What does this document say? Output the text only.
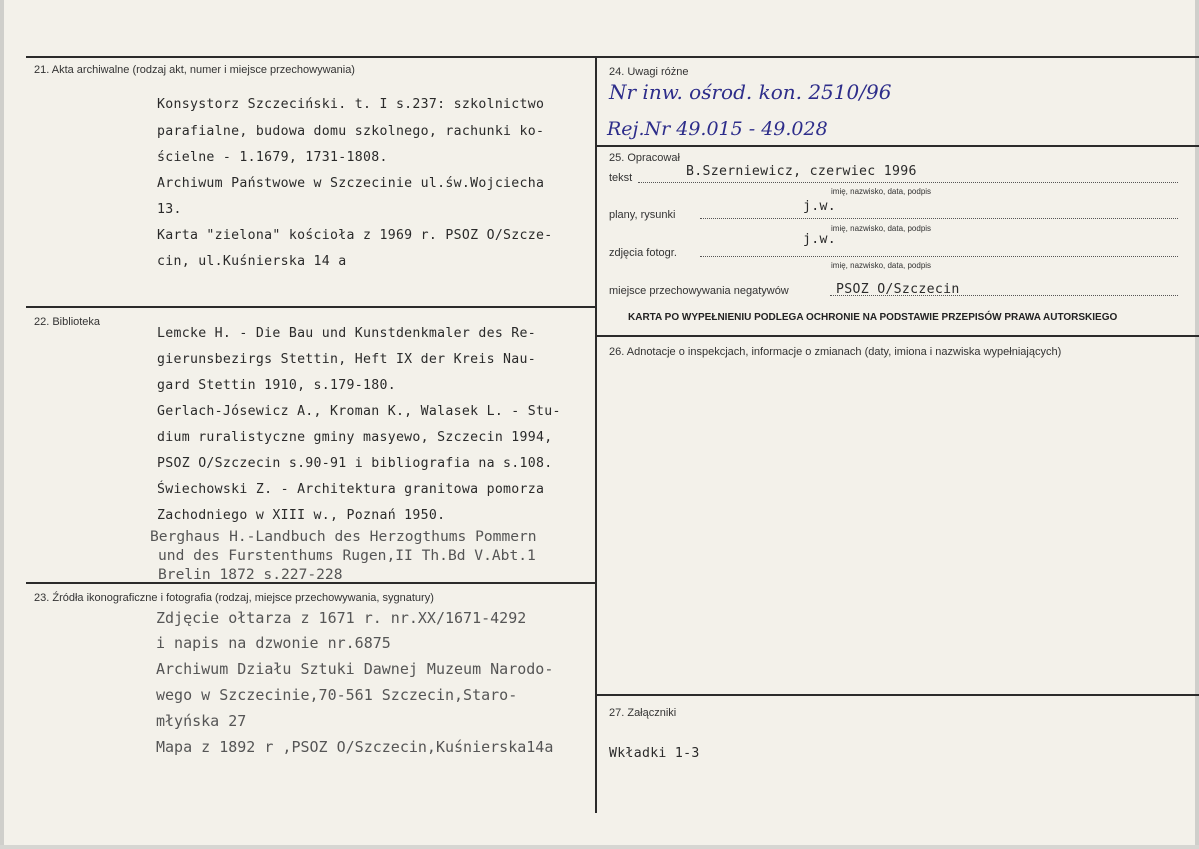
21. Akta archiwalne (rodzaj akt, numer i miejsce przechowywania)
Konsystorz Szczeciński. t. I s.237: szkolnictwo
parafialne, budowa domu szkolnego, rachunki ko-
ścielne - 1.1679, 1731-1808.
Archiwum Państwowe w Szczecinie ul.św.Wojciecha
13.
Karta "zielona" kościoła z 1969 r. PSOZ O/Szcze-
cin, ul.Kuśnierska 14 a
22. Biblioteka
Lemcke H. - Die Bau und Kunstdenkmaler des Re-
gierunsbezirgs Stettin, Heft IX der Kreis Nau-
gard Stettin 1910, s.179-180.
Gerlach-Jósewicz A., Kroman K., Walasek L. - Stu-
dium ruralistyczne gminy masyewo, Szczecin 1994,
PSOZ O/Szczecin s.90-91 i bibliografia na s.108.
Świechowski Z. - Architektura granitowa pomorza
Zachodniego w XIII w., Poznań 1950.
Berghaus H.-Landbuch des Herzogthums Pommern
und des Furstenthums Rugen,II Th.Bd V.Abt.1
Brelin 1872 s.227-228
23. Źródła ikonograficzne i fotografia (rodzaj, miejsce przechowywania, sygnatury)
Zdjęcie ołtarza z 1671 r. nr.XX/1671-4292
i napis na dzwonie nr.6875
Archiwum Działu Sztuki Dawnej Muzeum Narodo-
wego w Szczecinie,70-561 Szczecin,Staro-
młyńska 27
Mapa z 1892 r ,PSOZ O/Szczecin,Kuśnierska14a
24. Uwagi różne
Nr inw. ośrod. kon. 2510/96
Rej.Nr 49.015 - 49.028
25. Opracował
tekst	B.Szerniewicz, czerwiec 1996
imię, nazwisko, data, podpis
plany, rysunki
j.w.
imię, nazwisko, data, podpis
zdjęcia fotogr.
j.w.
imię, nazwisko, data, podpis
miejsce przechowywania negatywów	PSOZ O/Szczecin
KARTA PO WYPEŁNIENIU PODLEGA OCHRONIE NA PODSTAWIE PRZEPISÓW PRAWA AUTORSKIEGO
26. Adnotacje o inspekcjach, informacje o zmianach (daty, imiona i nazwiska wypełniających)
27. Załączniki
Wkładki 1-3
